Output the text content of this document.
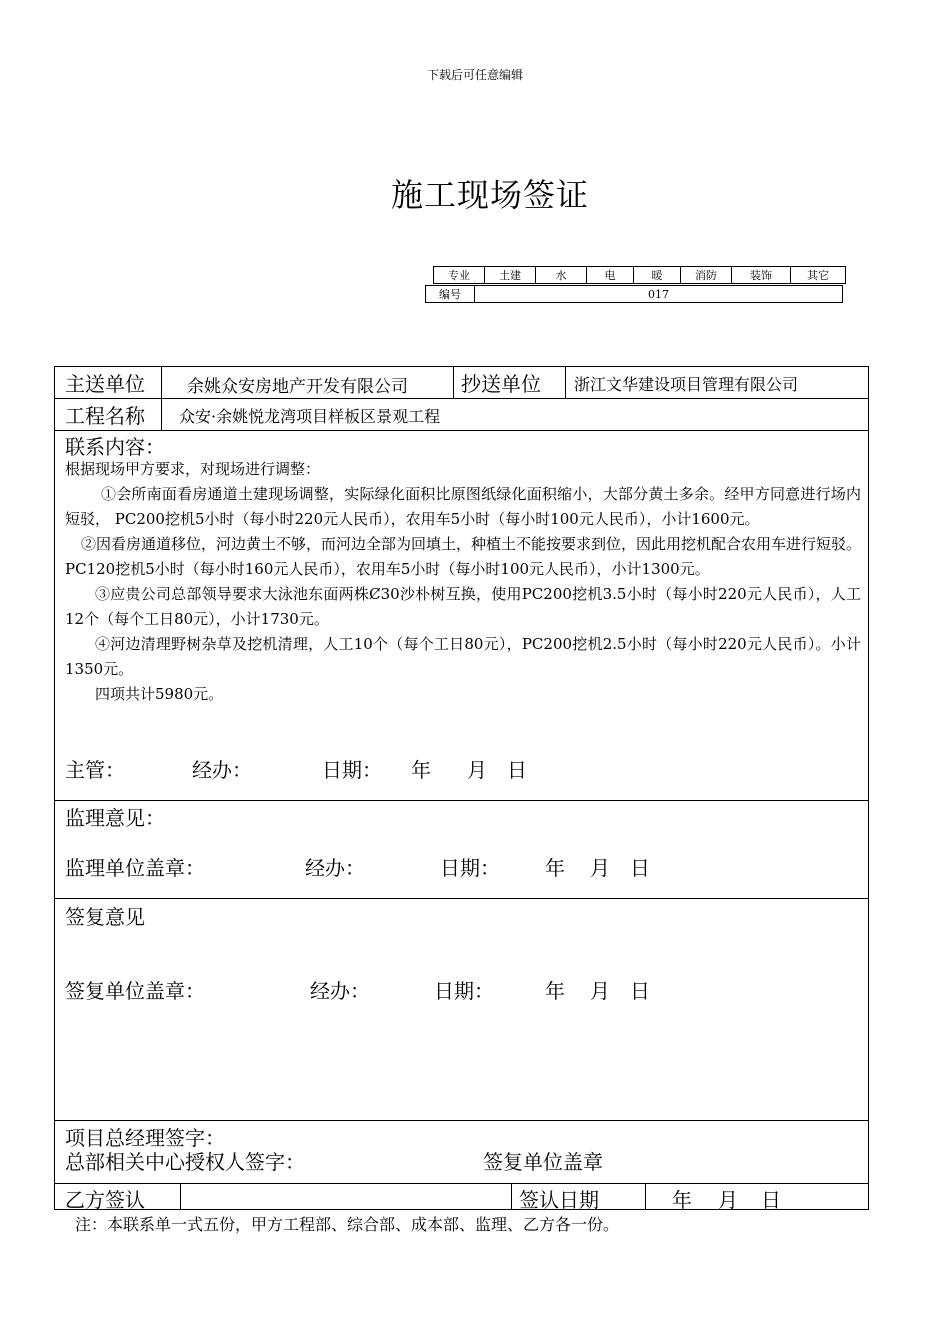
下载后可任意编辑
施工现场签证
专业	土建	水	电	暖	消防	装饰	其它
编号	017
主送单位 余姚众安房地产开发有限公司	抄送单位 浙江文华建设项目管理有限公司
工程名称 众安·余姚悦龙湾项目样板区景观工程
联系内容：

根据现场甲方要求，对现场进行调整：

①会所南面看房通道土建现场调整，实际绿化面积比原图纸绿化面积缩小，大部分黄土多余。经甲方同意进行场内短驳， PC200挖机5小时（每小时220元人民币），农用车5小时（每小时100元人民币），小计1600元。

②因看房通道移位，河边黄土不够，而河边全部为回填土，种植土不能按要求到位，因此用挖机配合农用车进行短驳。PC120挖机5小时（每小时160元人民币），农用车5小时（每小时100元人民币），小计1300元。

③应贵公司总部领导要求大泳池东面两株Ȼ30沙朴树互换，使用PC200挖机3.5小时（每小时220元人民币），人工12个（每个工日80元），小计1730元。

④河边清理野树杂草及挖机清理，人工10个（每个工日80元），PC200挖机2.5小时（每小时220元人民币）。小计1350元。

四项共计5980元。

主管：	经办：	日期： 年 月 日
监理意见：
监理单位盖章：	经办：	日期： 年 月 日
签复意见
签复单位盖章：	经办：	日期：	年 月 日
项目总经理签字：
总部相关中心授权人签字：	签复单位盖章
乙方签认	签认日期	年 月 日
注：本联系单一式五份，甲方工程部、综合部、成本部、监理、乙方各一份。
